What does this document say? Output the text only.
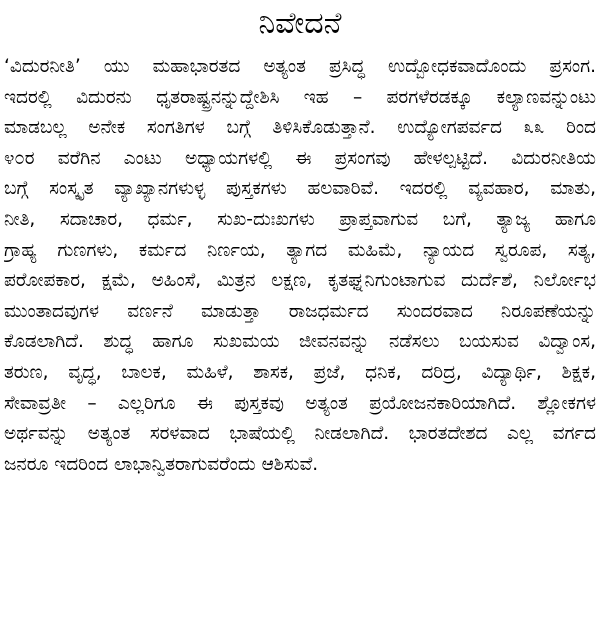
ನಿವೇದನೆ
‘ವಿದುರನೀತಿ’ ಯು ಮಹಾಭಾರತದ ಅತ್ಯಂತ ಪ್ರಸಿದ್ಧ ಉದ್ಬೋಧಕವಾದೊಂದು ಪ್ರಸಂಗ.
ಇದರಲ್ಲಿ ವಿದುರನು ಧೃತರಾಷ್ಟ್ರನನ್ನುದ್ದೇಶಿಸಿ ಇಹ – ಪರಗಳೆರಡಕ್ಕೂ ಕಲ್ಯಾಣವನ್ನುಂಟು
ಮಾಡಬಲ್ಲ ಅನೇಕ ಸಂಗತಿಗಳ ಬಗ್ಗೆ ತಿಳಿಸಿಕೊಡುತ್ತಾನೆ. ಉದ್ಯೋಗಪರ್ವದ ೩೩ ರಿಂದ
೪೦ರ ವರೆಗಿನ ಎಂಟು ಅಧ್ಯಾಯಗಳಲ್ಲಿ ಈ ಪ್ರಸಂಗವು ಹೇಳಲ್ಪಟ್ಟಿದೆ. ವಿದುರನೀತಿಯ
ಬಗ್ಗೆ ಸಂಸ್ಕೃತ ವ್ಯಾಖ್ಯಾನಗಳುಳ್ಳ ಪುಸ್ತಕಗಳು ಹಲವಾರಿವೆ. ಇದರಲ್ಲಿ ವ್ಯವಹಾರ, ಮಾತು,
ನೀತಿ, ಸದಾಚಾರ, ಧರ್ಮ, ಸುಖ-ದುಃಖಗಳು ಪ್ರಾಪ್ತವಾಗುವ ಬಗೆ, ತ್ಯಾಜ್ಯ ಹಾಗೂ
ಗ್ರಾಹ್ಯ ಗುಣಗಳು, ಕರ್ಮದ ನಿರ್ಣಯ, ತ್ಯಾಗದ ಮಹಿಮೆ, ನ್ಯಾಯದ ಸ್ವರೂಪ, ಸತ್ಯ,
ಪರೋಪಕಾರ, ಕ್ಷಮೆ, ಅಹಿಂಸೆ, ಮಿತ್ರನ ಲಕ್ಷಣ, ಕೃತಘ್ನನಿಗುಂಟಾಗುವ ದುರ್ದೆಶೆ, ನಿರ್ಲೋಭ
ಮುಂತಾದವುಗಳ ವರ್ಣನೆ ಮಾಡುತ್ತಾ ರಾಜಧರ್ಮದ ಸುಂದರವಾದ ನಿರೂಪಣೆಯನ್ನು
ಕೊಡಲಾಗಿದೆ. ಶುದ್ಧ ಹಾಗೂ ಸುಖಮಯ ಜೀವನವನ್ನು ನಡೆಸಲು ಬಯಸುವ ವಿದ್ವಾಂಸ,
ತರುಣ, ವೃದ್ಧ, ಬಾಲಕ, ಮಹಿಳೆ, ಶಾಸಕ, ಪ್ರಜೆ, ಧನಿಕ, ದರಿದ್ರ, ವಿದ್ಯಾರ್ಥಿ, ಶಿಕ್ಷಕ,
ಸೇವಾವ್ರತೀ – ಎಲ್ಲರಿಗೂ ಈ ಪುಸ್ತಕವು ಅತ್ಯಂತ ಪ್ರಯೋಜನಕಾರಿಯಾಗಿದೆ. ಶ್ಲೋಕಗಳ
ಅರ್ಥವನ್ನು ಅತ್ಯಂತ ಸರಳವಾದ ಭಾಷೆಯಲ್ಲಿ ನೀಡಲಾಗಿದೆ. ಭಾರತದೇಶದ ಎಲ್ಲ ವರ್ಗದ
ಜನರೂ ಇದರಿಂದ ಲಾಭಾನ್ವಿತರಾಗುವರೆಂದು ಆಶಿಸುವೆ.
